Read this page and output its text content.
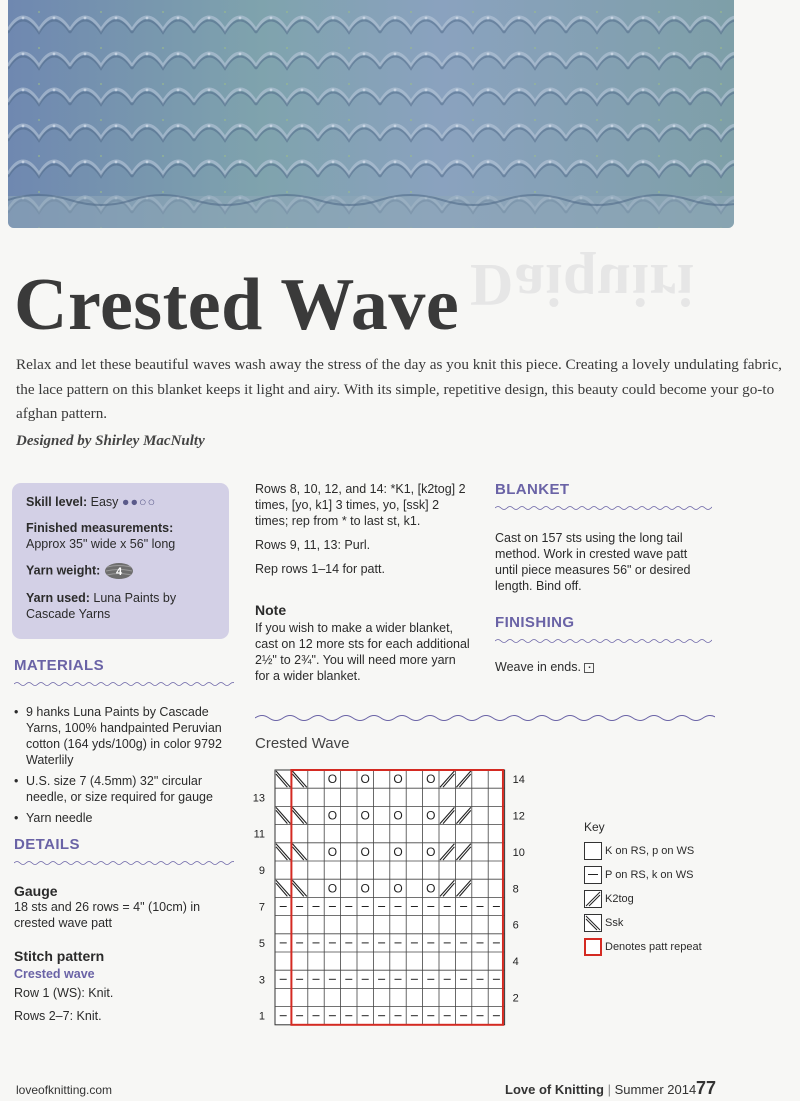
Daiquiri
Crested Wave

Relax and let these beautiful waves wash away the stress of the day as you knit this piece. Creating a lovely undulating fabric, the lace pattern on this blanket keeps it light and airy. With its simple, repetitive design, this beauty could become your go-to afghan pattern.

Designed by Shirley MacNulty

Skill level: Easy ●●○○

Finished measurements:
Approx 35" wide x 56" long

Yarn weight: 4

Yarn used: Luna Paints by Cascade Yarns

MATERIALS
• 9 hanks Luna Paints by Cascade Yarns, 100% handpainted Peruvian cotton (164 yds/100g) in color 9792 Waterlily
• U.S. size 7 (4.5mm) 32" circular needle, or size required for gauge
• Yarn needle
DETAILS

Gauge

18 sts and 26 rows = 4" (10cm) in crested wave patt

Stitch pattern

Crested wave

Row 1 (WS): Knit.

Rows 2–7: Knit.

Rows 8, 10, 12, and 14: *K1, [k2tog] 2 times, [yo, k1] 3 times, yo, [ssk] 2 times; rep from * to last st, k1.

Rows 9, 11, 13: Purl.

Rep rows 1–14 for patt.

Note

If you wish to make a wider blanket, cast on 12 more sts for each additional 2½" to 2¾". You will need more yarn for a wider blanket.

BLANKET

Cast on 157 sts using the long tail method. Work in crested wave patt until piece measures 56" or desired length. Bind off.

FINISHING

Weave in ends. ▪

Crested Wave
O O O O
O O O O
O O O O
O O O O
13
11
9
7
5
3
1
14
12
10
8
6
4
2
Key
K on RS, p on WS
P on RS, k on WS
K2tog
Ssk
Denotes patt repeat
loveofknitting.com	Love of Knitting | Summer 2014 77
